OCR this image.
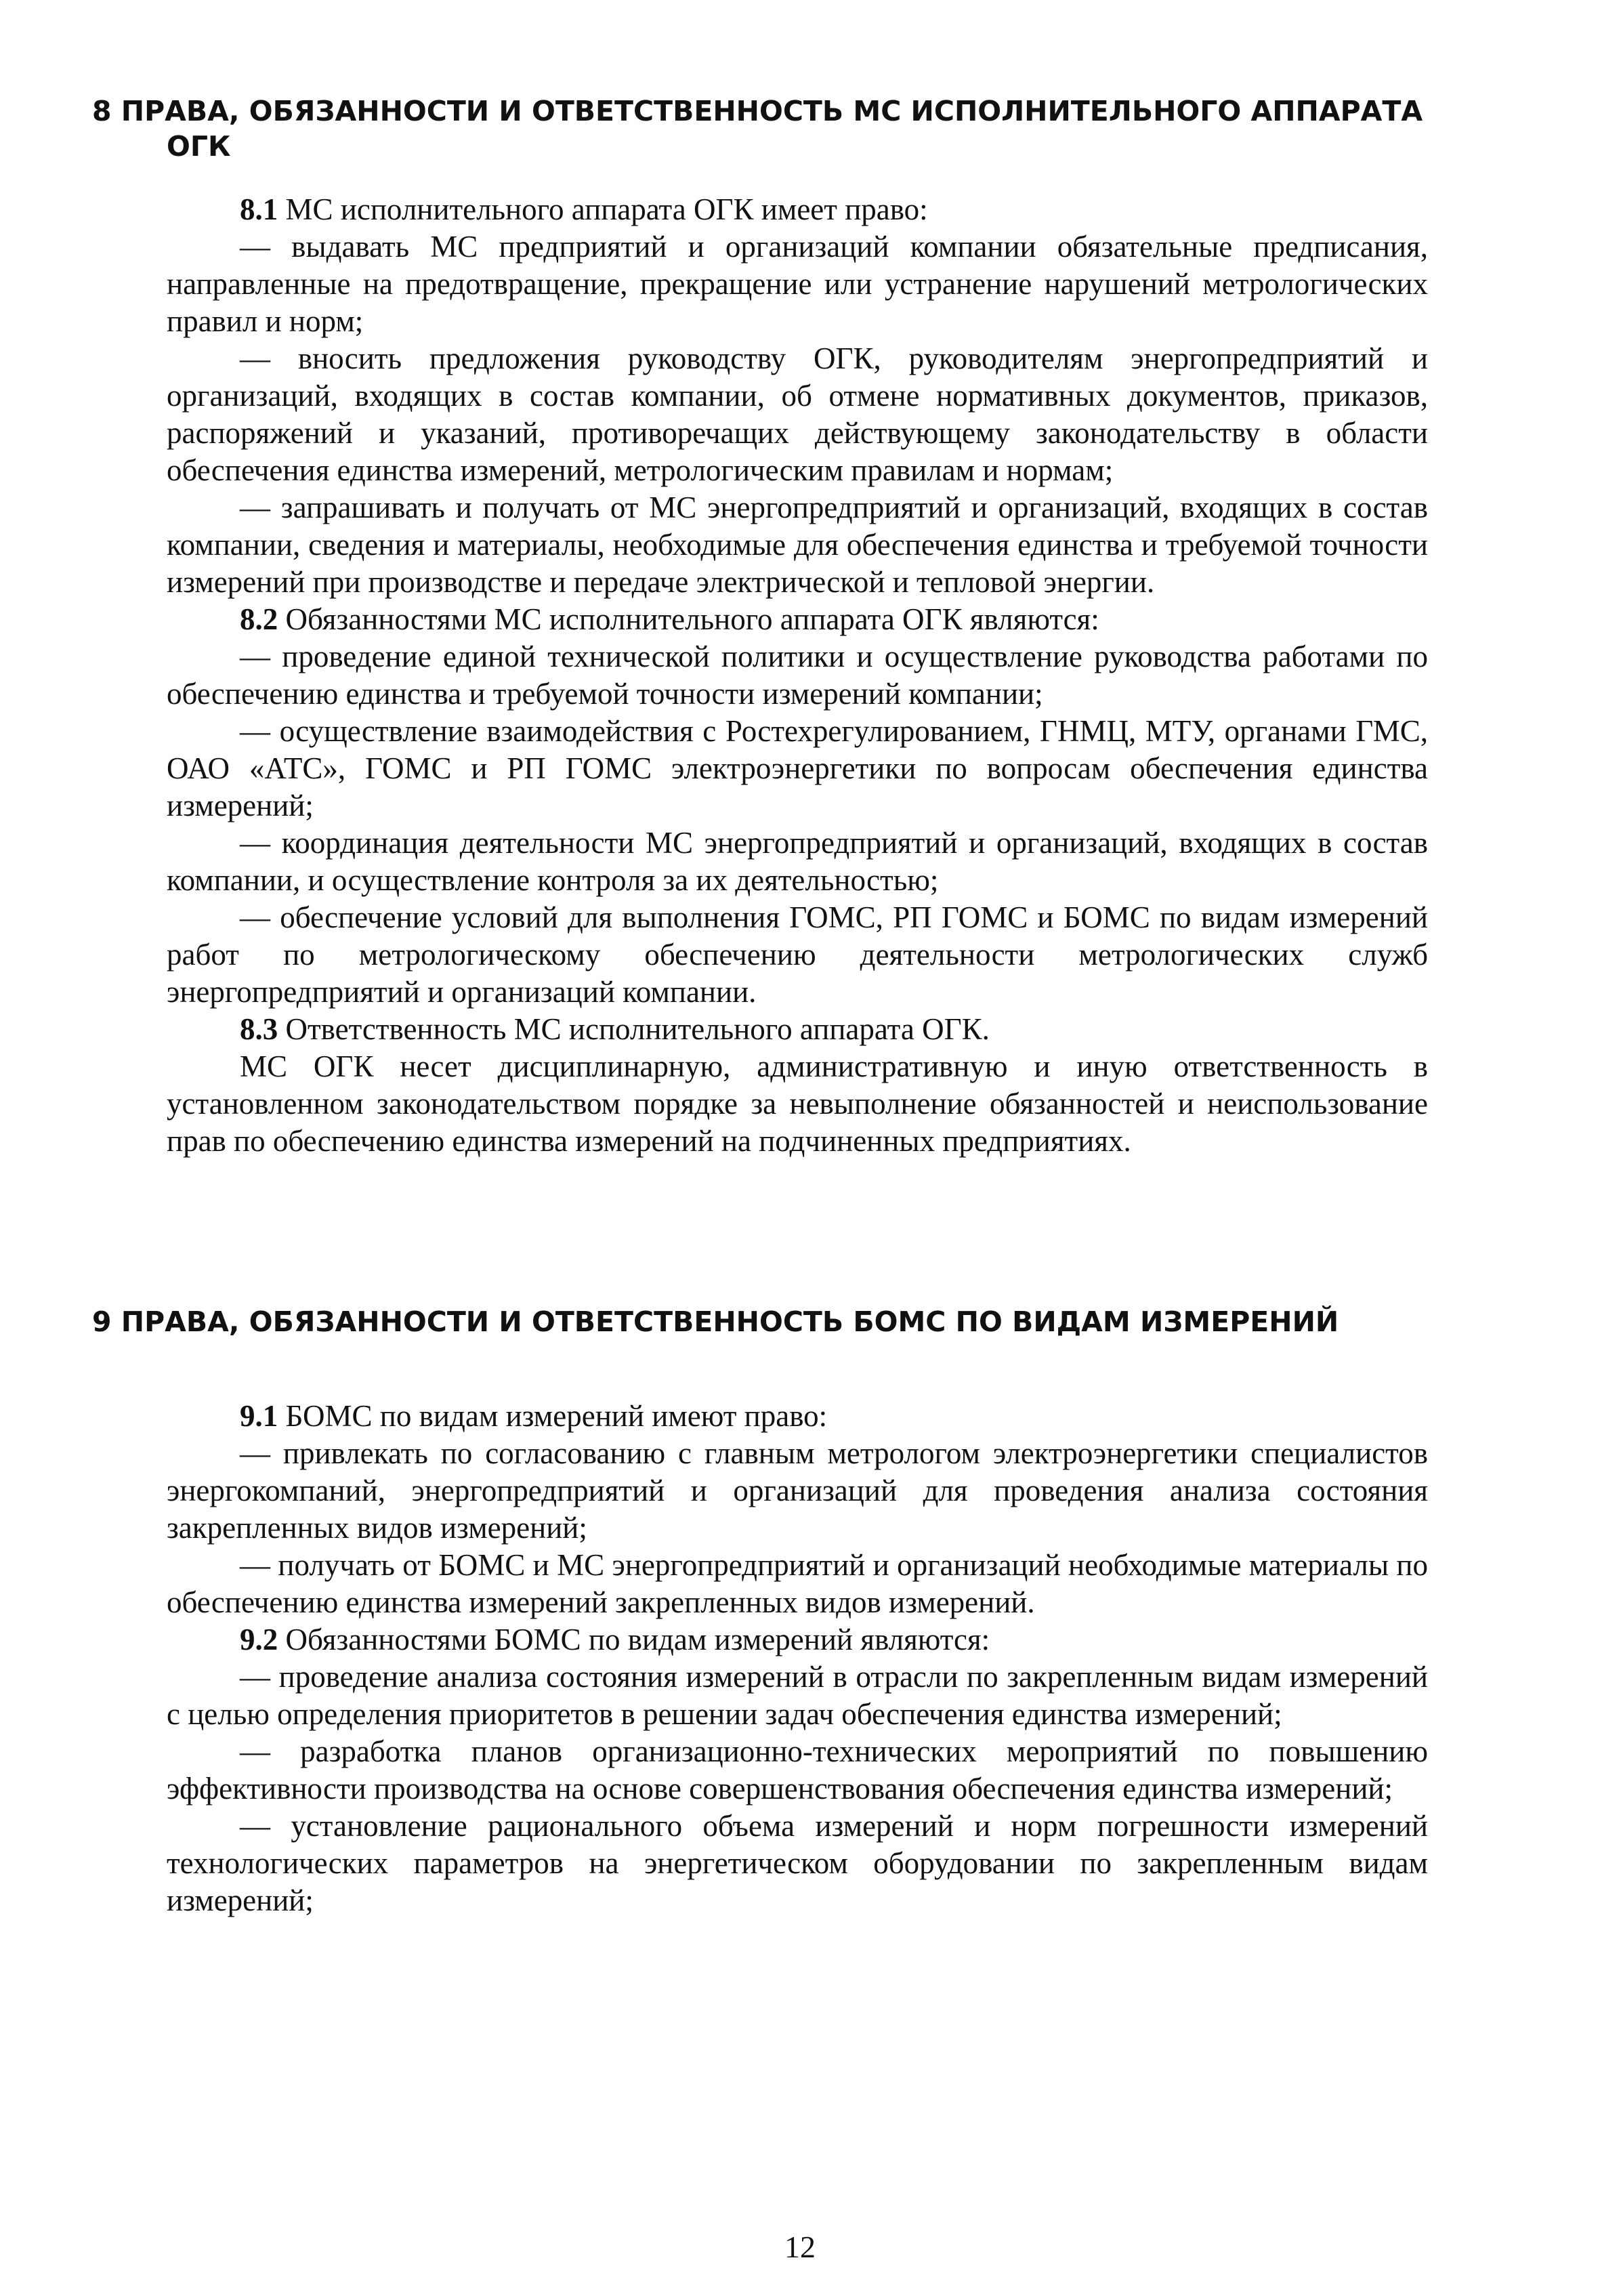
8 ПРАВА, ОБЯЗАННОСТИ И ОТВЕТСТВЕННОСТЬ МС ИСПОЛНИТЕЛЬНОГО АППАРАТА ОГК

8.1 МС исполнительного аппарата ОГК имеет право:

— выдавать МС предприятий и организаций компании обязательные предписания, направленные на предотвращение, прекращение или устранение нарушений метрологических правил и норм;

— вносить предложения руководству ОГК, руководителям энергопредприятий и организаций, входящих в состав компании, об отмене нормативных документов, приказов, распоряжений и указаний, противоречащих действующему законодательству в области обеспечения единства измерений, метрологическим правилам и нормам;

— запрашивать и получать от МС энергопредприятий и организаций, входящих в состав компании, сведения и материалы, необходимые для обеспечения единства и требуемой точности измерений при производстве и передаче электрической и тепловой энергии.

8.2 Обязанностями МС исполнительного аппарата ОГК являются:

— проведение единой технической политики и осуществление руководства работами по обеспечению единства и требуемой точности измерений компании;

— осуществление взаимодействия с Ростехрегулированием, ГНМЦ, МТУ, органами ГМС, ОАО «АТС», ГОМС и РП ГОМС электроэнергетики по вопросам обеспечения единства измерений;

— координация деятельности МС энергопредприятий и организаций, входящих в состав компании, и осуществление контроля за их деятельностью;

— обеспечение условий для выполнения ГОМС, РП ГОМС и БОМС по видам измерений работ по метрологическому обеспечению деятельности метрологических служб энергопредприятий и организаций компании.

8.3 Ответственность МС исполнительного аппарата ОГК.

МС ОГК несет дисциплинарную, административную и иную ответственность в установленном законодательством порядке за невыполнение обязанностей и неиспользование прав по обеспечению единства измерений на подчиненных предприятиях.

9 ПРАВА, ОБЯЗАННОСТИ И ОТВЕТСТВЕННОСТЬ БОМС ПО ВИДАМ ИЗМЕРЕНИЙ

9.1 БОМС по видам измерений имеют право:

— привлекать по согласованию с главным метрологом электроэнергетики специалистов энергокомпаний, энергопредприятий и организаций для проведения анализа состояния закрепленных видов измерений;

— получать от БОМС и МС энергопредприятий и организаций необходимые материалы по обеспечению единства измерений закрепленных видов измерений.

9.2 Обязанностями БОМС по видам измерений являются:

— проведение анализа состояния измерений в отрасли по закрепленным видам измерений с целью определения приоритетов в решении задач обеспечения единства измерений;

— разработка планов организационно-технических мероприятий по повышению эффективности производства на основе совершенствования обеспечения единства измерений;

— установление рационального объема измерений и норм погрешности измерений технологических параметров на энергетическом оборудовании по закрепленным видам измерений;

12
